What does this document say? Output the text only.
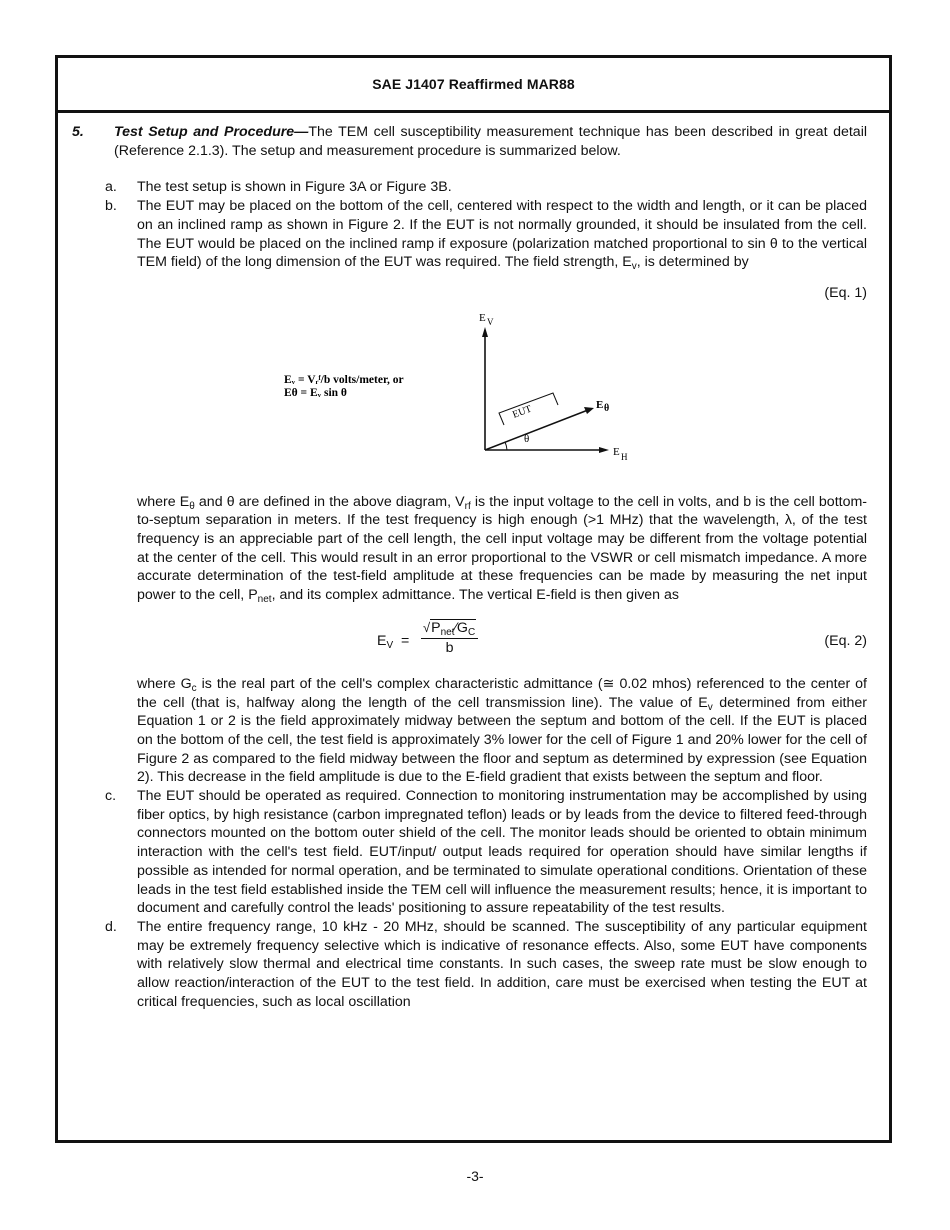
SAE J1407 Reaffirmed MAR88
5.	Test Setup and Procedure—The TEM cell susceptibility measurement technique has been described in great detail (Reference 2.1.3). The setup and measurement procedure is summarized below.
a.	The test setup is shown in Figure 3A or Figure 3B.
b.	The EUT may be placed on the bottom of the cell, centered with respect to the width and length, or it can be placed on an inclined ramp as shown in Figure 2. If the EUT is not normally grounded, it should be insulated from the cell. The EUT would be placed on the inclined ramp if exposure (polarization matched proportional to sin θ to the vertical TEM field) of the long dimension of the EUT was required. The field strength, $E_v$, is determined by

(Eq. 1)

Eᵥ = Vᵣᶠ/b volts/meter, or
Eθ = Eᵥ sin θ
E V
E H
E θ
EUT
θ

where $E_\theta$ and θ are defined in the above diagram, $V_{rf}$ is the input voltage to the cell in volts, and b is the cell bottom-to-septum separation in meters. If the test frequency is high enough (>1 MHz) that the wavelength, λ, of the test frequency is an appreciable part of the cell length, the cell input voltage may be different from the voltage potential at the center of the cell. This would result in an error proportional to the VSWR or cell mismatch impedance. A more accurate determination of the test-field amplitude at these frequencies can be made by measuring the net input power to the cell, $P_{net}$, and its complex admittance. The vertical E-field is then given as

$E_V$ =
$√P_{net}⁄G_C$
b	(Eq. 2)

where $G_c$ is the real part of the cell's complex characteristic admittance (≅ 0.02 mhos) referenced to the center of the cell (that is, halfway along the length of the cell transmission line). The value of $E_v$ determined from either Equation 1 or 2 is the field approximately midway between the septum and bottom of the cell. If the EUT is placed on the bottom of the cell, the test field is approximately 3% lower for the cell of Figure 1 and 20% lower for the cell of Figure 2 as compared to the field midway between the floor and septum as determined by expression (see Equation 2). This decrease in the field amplitude is due to the E-field gradient that exists between the septum and floor.

c.	The EUT should be operated as required. Connection to monitoring instrumentation may be accomplished by using fiber optics, by high resistance (carbon impregnated teflon) leads or by leads from the device to filtered feed-through connectors mounted on the bottom outer shield of the cell. The monitor leads should be oriented to obtain minimum interaction with the cell's test field. EUT/input/ output leads required for operation should have similar lengths if possible as intended for normal operation, and be terminated to simulate operational conditions. Orientation of these leads in the test field established inside the TEM cell will influence the measurement results; hence, it is important to document and carefully control the leads' positioning to assure repeatability of the test results.
d.	The entire frequency range, 10 kHz - 20 MHz, should be scanned. The susceptibility of any particular equipment may be extremely frequency selective which is indicative of resonance effects. Also, some EUT have components with relatively slow thermal and electrical time constants. In such cases, the sweep rate must be slow enough to allow reaction/interaction of the EUT to the test field. In addition, care must be exercised when testing the EUT at critical frequencies, such as local oscillation
-3-
